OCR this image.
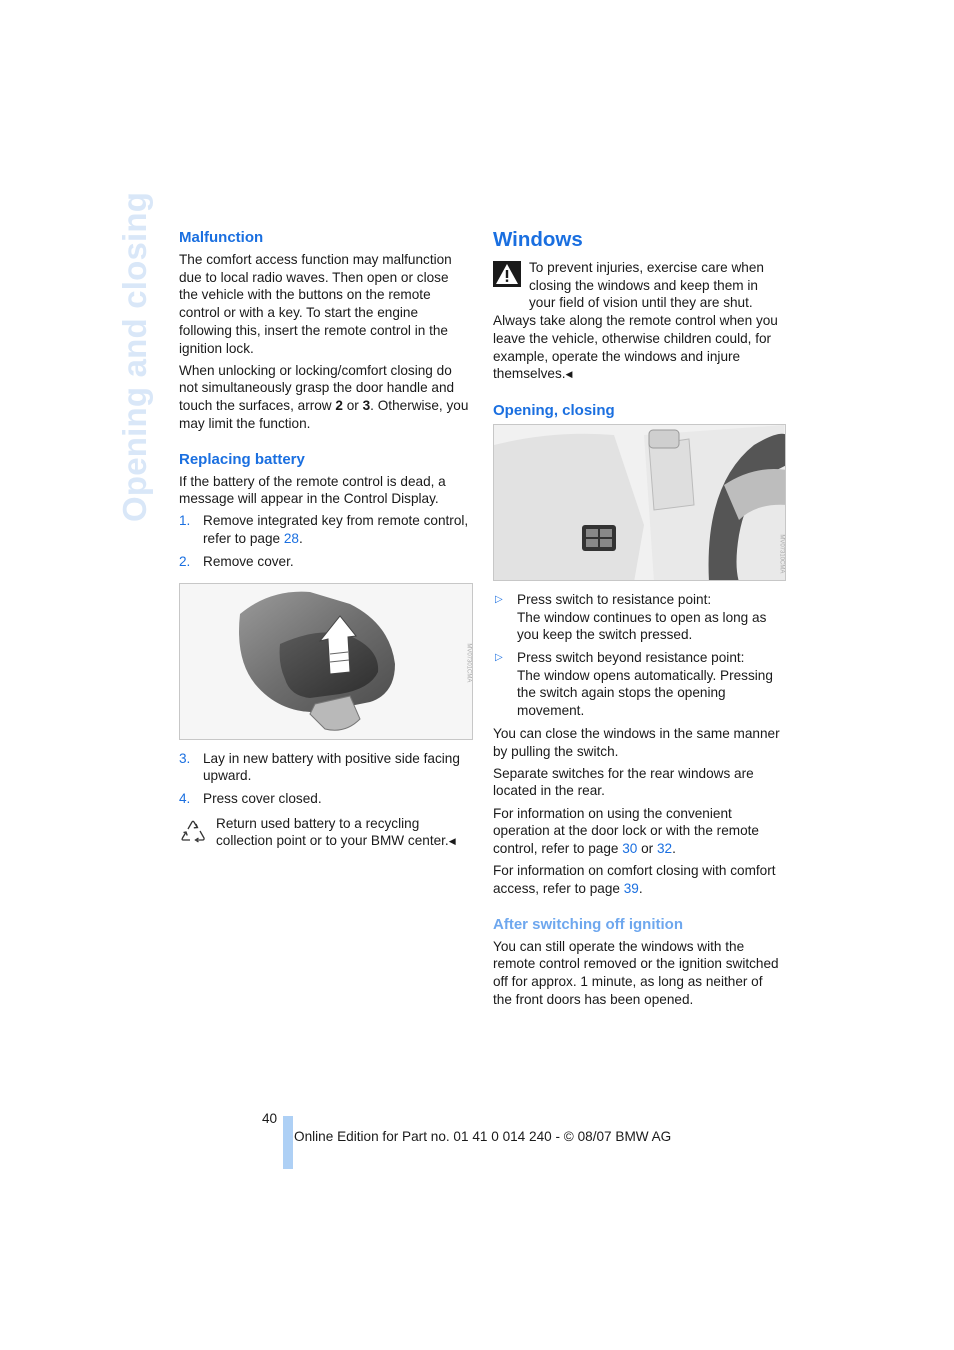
Opening and closing Malfunction

The comfort access function may malfunction due to local radio waves. Then open or close the vehicle with the buttons on the remote control or with a key. To start the engine following this, insert the remote control in the ignition lock.

When unlocking or locking/comfort closing do not simultaneously grasp the door handle and touch the surfaces, arrow 2 or 3. Otherwise, you may limit the function.

Replacing battery

If the battery of the remote control is dead, a message will appear in the Control Display.

1. Remove integrated key from remote control, refer to page 28.
2. Remove cover.
MV07301CMA
3. Lay in new battery with positive side facing upward.
4. Press cover closed.

Return used battery to a recycling collection point or to your BMW center.◀

Windows

To prevent injuries, exercise care when closing the windows and keep them in your field of vision until they are shut.

Always take along the remote control when you leave the vehicle, otherwise children could, for example, operate the windows and injure themselves.◀

Opening, closing
MV07310CMA
▷ Press switch to resistance point:
The window continues to open as long as you keep the switch pressed.
▷ Press switch beyond resistance point:
The window opens automatically. Pressing the switch again stops the opening movement.

You can close the windows in the same manner by pulling the switch.

Separate switches for the rear windows are located in the rear.

For information on using the convenient operation at the door lock or with the remote control, refer to page 30 or 32.

For information on comfort closing with comfort access, refer to page 39.

After switching off ignition

You can still operate the windows with the remote control removed or the ignition switched off for approx. 1 minute, as long as neither of the front doors has been opened.

40
Online Edition for Part no. 01 41 0 014 240 - © 08/07 BMW AG
